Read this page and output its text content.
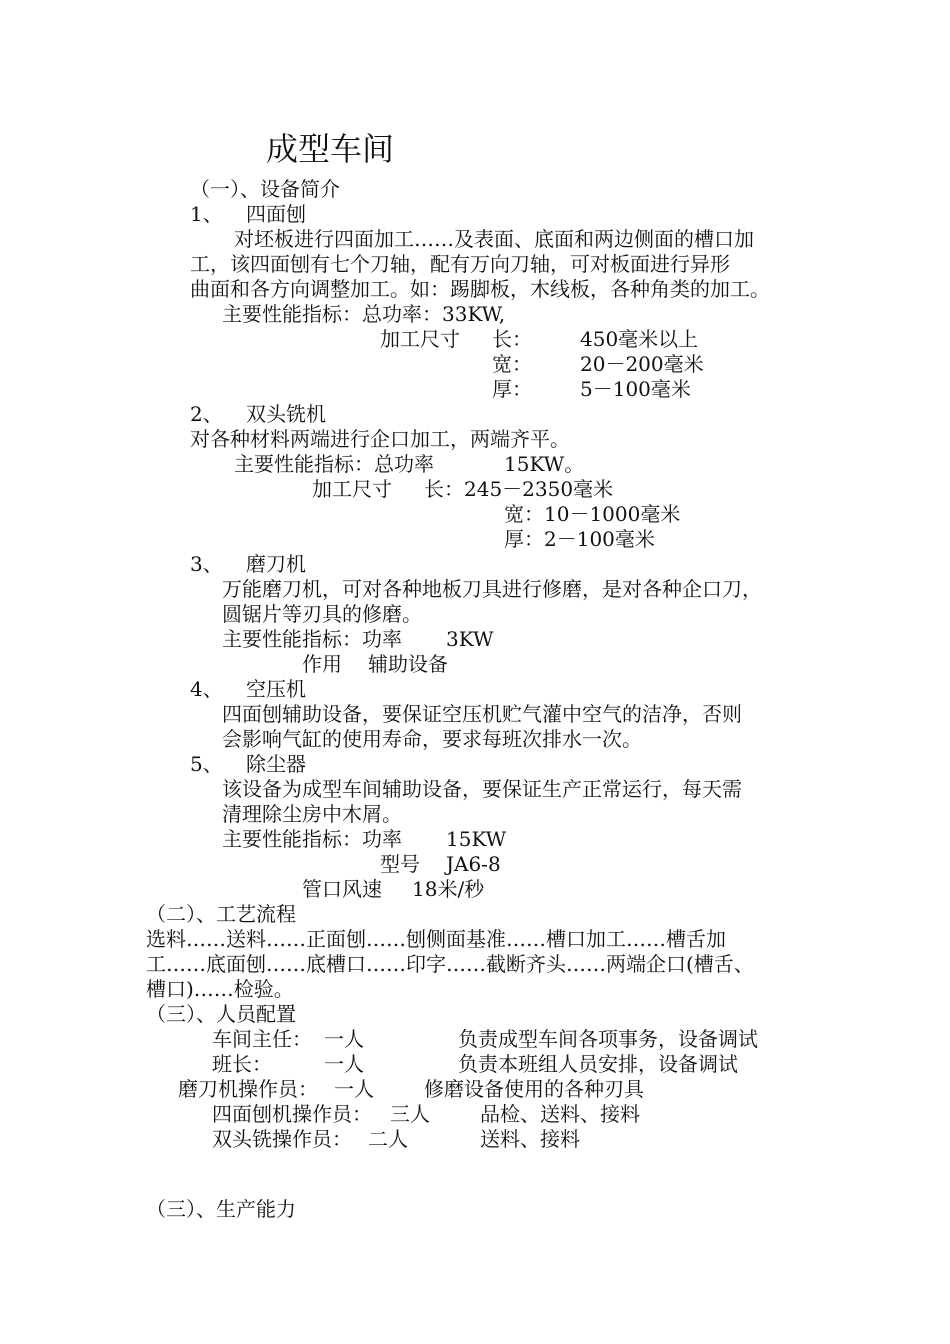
成型车间
（一）、设备简介
1、 四面刨
对坯板进行四面加工……及表面、底面和两边侧面的槽口加
工，该四面刨有七个刀轴，配有万向刀轴，可对板面进行异形
曲面和各方向调整加工。如：踢脚板，木线板，各种角类的加工。
主要性能指标：总功率：33KW,
加工尺寸 长： 450毫米以上
宽： 20－200毫米
厚： 5－100毫米
2、 双头铣机
对各种材料两端进行企口加工，两端齐平。
主要性能指标：总功率	15KW。
加工尺寸 长：245－2350毫米
宽：10－1000毫米
厚：2－100毫米
3、 磨刀机
万能磨刀机，可对各种地板刀具进行修磨，是对各种企口刀，
圆锯片等刃具的修磨。
主要性能指标：功率 3KW
作用 辅助设备
4、 空压机
四面刨辅助设备，要保证空压机贮气灌中空气的洁净，否则
会影响气缸的使用寿命，要求每班次排水一次。
5、 除尘器
该设备为成型车间辅助设备，要保证生产正常运行，每天需
清理除尘房中木屑。
主要性能指标：功率 15KW
型号 JA6-8
管口风速 18米/秒
（二）、工艺流程
选料……送料……正面刨……刨侧面基准……槽口加工……槽舌加
工……底面刨……底槽口……印字……截断齐头……两端企口(槽舌、
槽口)……检验。
（三）、人员配置
车间主任： 一人	负责成型车间各项事务，设备调试
班长：	一人	负责本班组人员安排，设备调试
磨刀机操作员： 一人	修磨设备使用的各种刃具
四面刨机操作员： 三人	品检、送料、接料
双头铣操作员： 二人	送料、接料
（三）、生产能力
